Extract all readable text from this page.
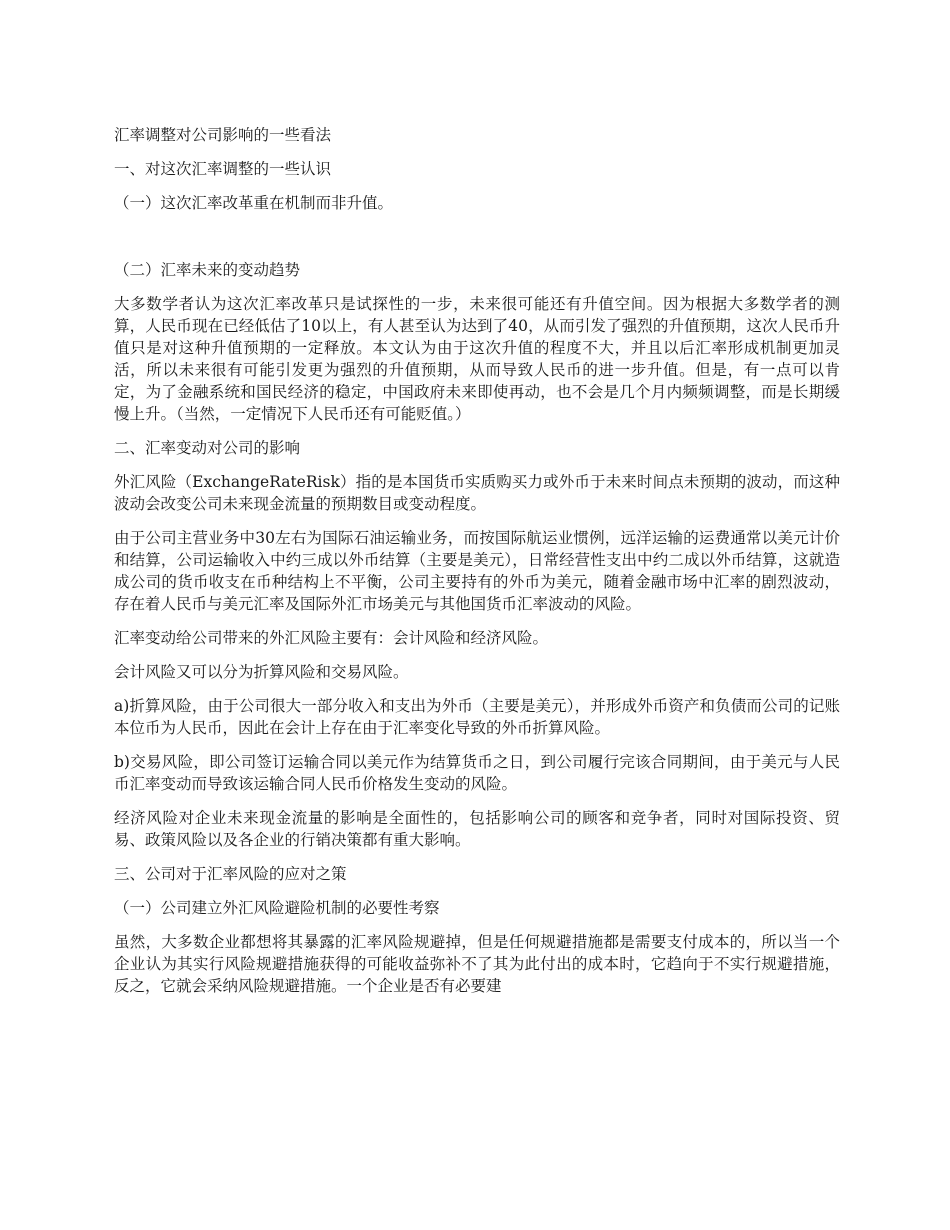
汇率调整对公司影响的一些看法

一、对这次汇率调整的一些认识

（一）这次汇率改革重在机制而非升值。

（二）汇率未来的变动趋势

大多数学者认为这次汇率改革只是试探性的一步，未来很可能还有升值空间。因为根据大多数学者的测算，人民币现在已经低估了10以上，有人甚至认为达到了40，从而引发了强烈的升值预期，这次人民币升值只是对这种升值预期的一定释放。本文认为由于这次升值的程度不大，并且以后汇率形成机制更加灵活，所以未来很有可能引发更为强烈的升值预期，从而导致人民币的进一步升值。但是，有一点可以肯定，为了金融系统和国民经济的稳定，中国政府未来即使再动，也不会是几个月内频频调整，而是长期缓慢上升。（当然，一定情况下人民币还有可能贬值。）

二、汇率变动对公司的影响

外汇风险（ExchangeRateRisk）指的是本国货币实质购买力或外币于未来时间点未预期的波动，而这种波动会改变公司未来现金流量的预期数目或变动程度。

由于公司主营业务中30左右为国际石油运输业务，而按国际航运业惯例，远洋运输的运费通常以美元计价和结算，公司运输收入中约三成以外币结算（主要是美元），日常经营性支出中约二成以外币结算，这就造成公司的货币收支在币种结构上不平衡，公司主要持有的外币为美元，随着金融市场中汇率的剧烈波动，存在着人民币与美元汇率及国际外汇市场美元与其他国货币汇率波动的风险。

汇率变动给公司带来的外汇风险主要有：会计风险和经济风险。

会计风险又可以分为折算风险和交易风险。

a)折算风险，由于公司很大一部分收入和支出为外币（主要是美元），并形成外币资产和负债而公司的记账本位币为人民币，因此在会计上存在由于汇率变化导致的外币折算风险。

b)交易风险，即公司签订运输合同以美元作为结算货币之日，到公司履行完该合同期间，由于美元与人民币汇率变动而导致该运输合同人民币价格发生变动的风险。

经济风险对企业未来现金流量的影响是全面性的，包括影响公司的顾客和竞争者，同时对国际投资、贸易、政策风险以及各企业的行销决策都有重大影响。

三、公司对于汇率风险的应对之策

（一）公司建立外汇风险避险机制的必要性考察

虽然，大多数企业都想将其暴露的汇率风险规避掉，但是任何规避措施都是需要支付成本的，所以当一个企业认为其实行风险规避措施获得的可能收益弥补不了其为此付出的成本时，它趋向于不实行规避措施，反之，它就会采纳风险规避措施。一个企业是否有必要建
